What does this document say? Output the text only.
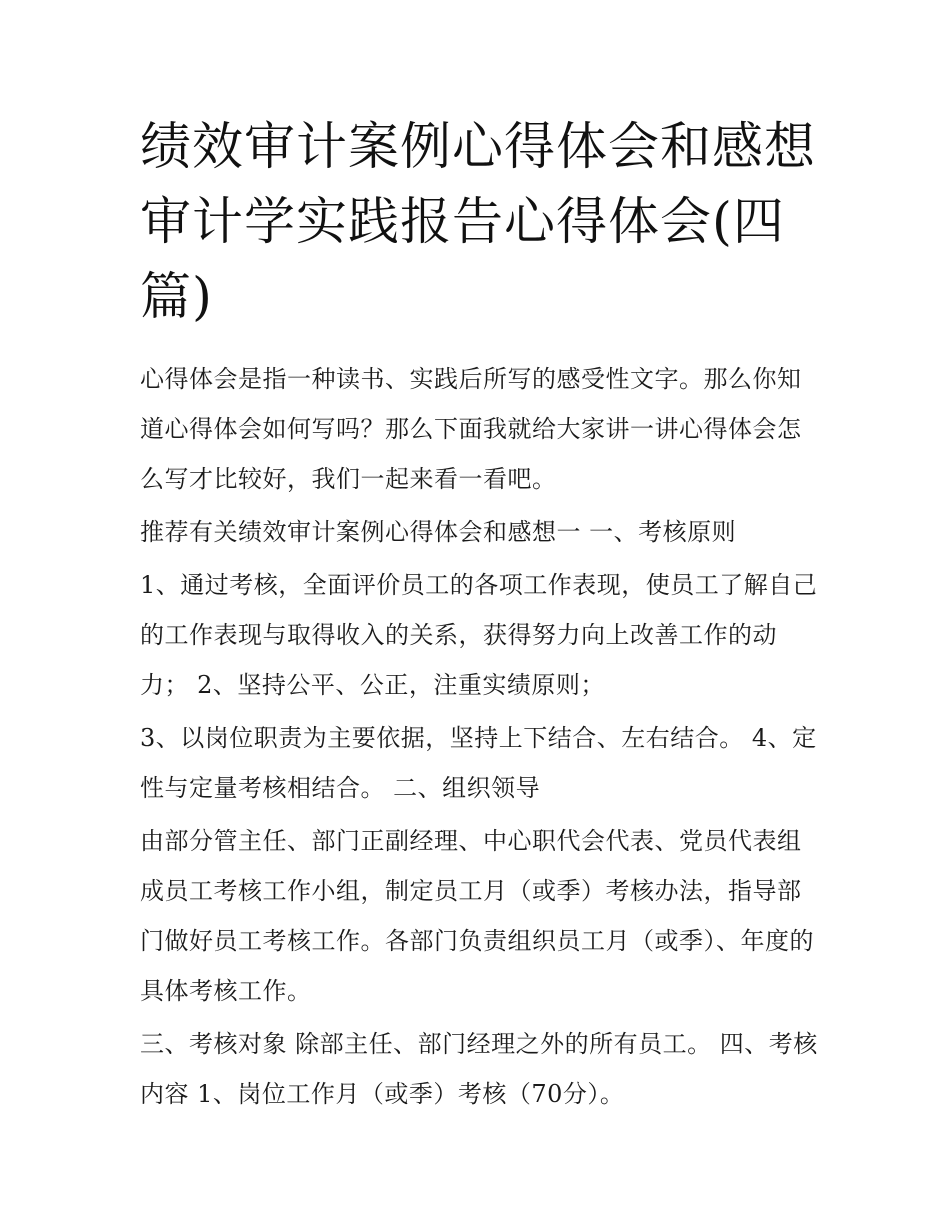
绩效审计案例心得体会和感想审计学实践报告心得体会(四篇)

心得体会是指一种读书、实践后所写的感受性文字。那么你知道心得体会如何写吗？那么下面我就给大家讲一讲心得体会怎么写才比较好，我们一起来看一看吧。

推荐有关绩效审计案例心得体会和感想一 一、考核原则

1、通过考核，全面评价员工的各项工作表现，使员工了解自己的工作表现与取得收入的关系，获得努力向上改善工作的动力； 2、坚持公平、公正，注重实绩原则；

3、以岗位职责为主要依据，坚持上下结合、左右结合。 4、定性与定量考核相结合。 二、组织领导

由部分管主任、部门正副经理、中心职代会代表、党员代表组成员工考核工作小组，制定员工月（或季）考核办法，指导部门做好员工考核工作。各部门负责组织员工月（或季）、年度的具体考核工作。

三、考核对象 除部主任、部门经理之外的所有员工。 四、考核内容 1、岗位工作月（或季）考核（70分）。
